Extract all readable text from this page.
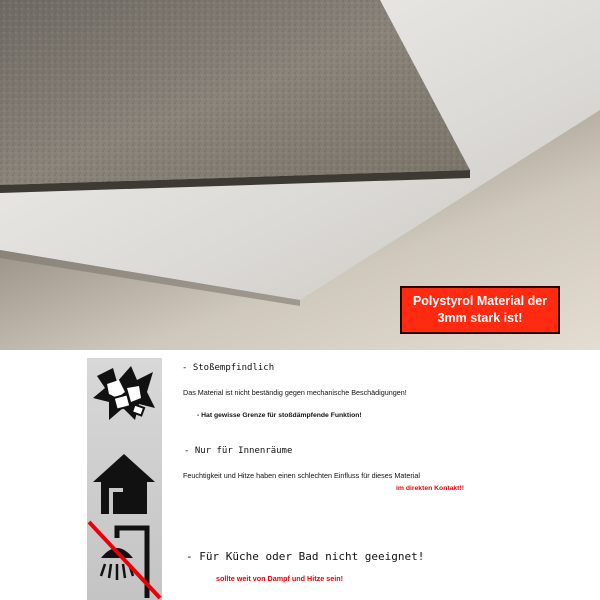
Polystyrol Material der
3mm stark ist!
- Stoßempfindlich
Das Material ist nicht beständig gegen mechanische Beschädigungen!
- Hat gewisse Grenze für stoßdämpfende Funktion!
- Nur für Innenräume
Feuchtigkeit und Hitze haben einen schlechten Einfluss für dieses Material
im direkten Kontakt!!
- Für Küche oder Bad nicht geeignet!
sollte weit von Dampf und Hitze sein!
